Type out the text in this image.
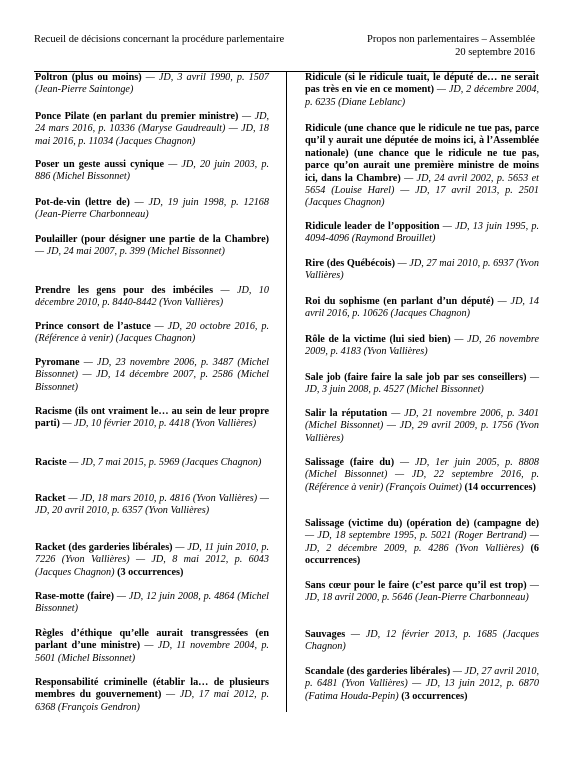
Recueil de décisions concernant la procédure parlementaire	Propos non parlementaires – Assemblée
20 septembre 2016
Poltron (plus ou moins) — JD, 3 avril 1990, p. 1507 (Jean-Pierre Saintonge)
Ponce Pilate (en parlant du premier ministre) — JD, 24 mars 2016, p. 10336 (Maryse Gaudreault) — JD, 18 mai 2016, p. 11034 (Jacques Chagnon)
Poser un geste aussi cynique — JD, 20 juin 2003, p. 886 (Michel Bissonnet)
Pot-de-vin (lettre de) — JD, 19 juin 1998, p. 12168 (Jean-Pierre Charbonneau)
Poulailler (pour désigner une partie de la Chambre) — JD, 24 mai 2007, p. 399 (Michel Bissonnet)
Prendre les gens pour des imbéciles — JD, 10 décembre 2010, p. 8440-8442 (Yvon Vallières)
Prince consort de l’astuce — JD, 20 octobre 2016, p. (Référence à venir) (Jacques Chagnon)
Pyromane — JD, 23 novembre 2006, p. 3487 (Michel Bissonnet) — JD, 14 décembre 2007, p. 2586 (Michel Bissonnet)
Racisme (ils ont vraiment le… au sein de leur propre parti) — JD, 10 février 2010, p. 4418 (Yvon Vallières)
Raciste — JD, 7 mai 2015, p. 5969 (Jacques Chagnon)
Racket — JD, 18 mars 2010, p. 4816 (Yvon Vallières) — JD, 20 avril 2010, p. 6357 (Yvon Vallières)
Racket (des garderies libérales) — JD, 11 juin 2010, p. 7226 (Yvon Vallières) — JD, 8 mai 2012, p. 6043 (Jacques Chagnon) (3 occurrences)
Rase-motte (faire) — JD, 12 juin 2008, p. 4864 (Michel Bissonnet)
Règles d’éthique qu’elle aurait transgressées (en parlant d’une ministre) — JD, 11 novembre 2004, p. 5601 (Michel Bissonnet)
Responsabilité criminelle (établir la… de plusieurs membres du gouvernement) — JD, 17 mai 2012, p. 6368 (François Gendron)
Ridicule (si le ridicule tuait, le député de… ne serait pas très en vie en ce moment) — JD, 2 décembre 2004, p. 6235 (Diane Leblanc)
Ridicule (une chance que le ridicule ne tue pas, parce qu’il y aurait une députée de moins ici, à l’Assemblée nationale) (une chance que le ridicule ne tue pas, parce qu’on aurait une première ministre de moins ici, dans la Chambre) — JD, 24 avril 2002, p. 5653 et 5654 (Louise Harel) — JD, 17 avril 2013, p. 2501 (Jacques Chagnon)
Ridicule leader de l’opposition — JD, 13 juin 1995, p. 4094-4096 (Raymond Brouillet)
Rire (des Québécois) — JD, 27 mai 2010, p. 6937 (Yvon Vallières)
Roi du sophisme (en parlant d’un député) — JD, 14 avril 2016, p. 10626 (Jacques Chagnon)
Rôle de la victime (lui sied bien) — JD, 26 novembre 2009, p. 4183 (Yvon Vallières)
Sale job (faire faire la sale job par ses conseillers) — JD, 3 juin 2008, p. 4527 (Michel Bissonnet)
Salir la réputation — JD, 21 novembre 2006, p. 3401 (Michel Bissonnet) — JD, 29 avril 2009, p. 1756 (Yvon Vallières)
Salissage (faire du) — JD, 1er juin 2005, p. 8808 (Michel Bissonnet) — JD, 22 septembre 2016, p. (Référence à venir) (François Ouimet) (14 occurrences)
Salissage (victime du) (opération de) (campagne de) — JD, 18 septembre 1995, p. 5021 (Roger Bertrand) — JD, 2 décembre 2009, p. 4286 (Yvon Vallières) (6 occurrences)
Sans cœur pour le faire (c’est parce qu’il est trop) — JD, 18 avril 2000, p. 5646 (Jean-Pierre Charbonneau)
Sauvages — JD, 12 février 2013, p. 1685 (Jacques Chagnon)
Scandale (des garderies libérales) — JD, 27 avril 2010, p. 6481 (Yvon Vallières) — JD, 13 juin 2012, p. 6870 (Fatima Houda-Pepin) (3 occurrences)
